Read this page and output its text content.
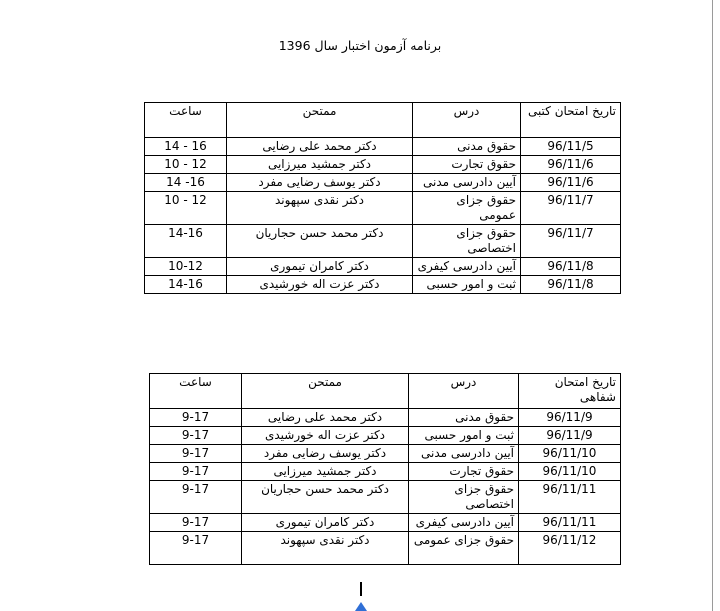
برنامه آزمون اختبار سال 1396
تاریخ امتحان کتبی	درس	ممتحن	ساعت
96/11/5	حقوق مدنی	دکتر محمد علی رضایی	14 - 16
96/11/6	حقوق تجارت	دکتر جمشید میرزایی	10 - 12
96/11/6	آیین دادرسی مدنی	دکتر یوسف رضایی مفرد	14 -16
96/11/7	حقوق جزای عمومی	دکتر نقدی سپهوند	10 - 12
96/11/7	حقوق جزای اختصاصی	دکتر محمد حسن حجاریان	14-16
96/11/8	آیین دادرسی کیفری	دکتر کامران تیموری	10-12
96/11/8	ثبت و امور حسبی	دکتر عزت اله خورشیدی	14-16
تاریخ امتحان شفاهی	درس	ممتحن	ساعت
96/11/9	حقوق مدنی	دکتر محمد علی رضایی	9-17
96/11/9	ثبت و امور حسبی	دکتر عزت اله خورشیدی	9-17
96/11/10	آیین دادرسی مدنی	دکتر یوسف رضایی مفرد	9-17
96/11/10	حقوق تجارت	دکتر جمشید میرزایی	9-17
96/11/11	حقوق جزای اختصاصی	دکتر محمد حسن حجاریان	9-17
96/11/11	آیین دادرسی کیفری	دکتر کامران تیموری	9-17
96/11/12	حقوق جزای عمومی	دکتر نقدی سپهوند	9-17
